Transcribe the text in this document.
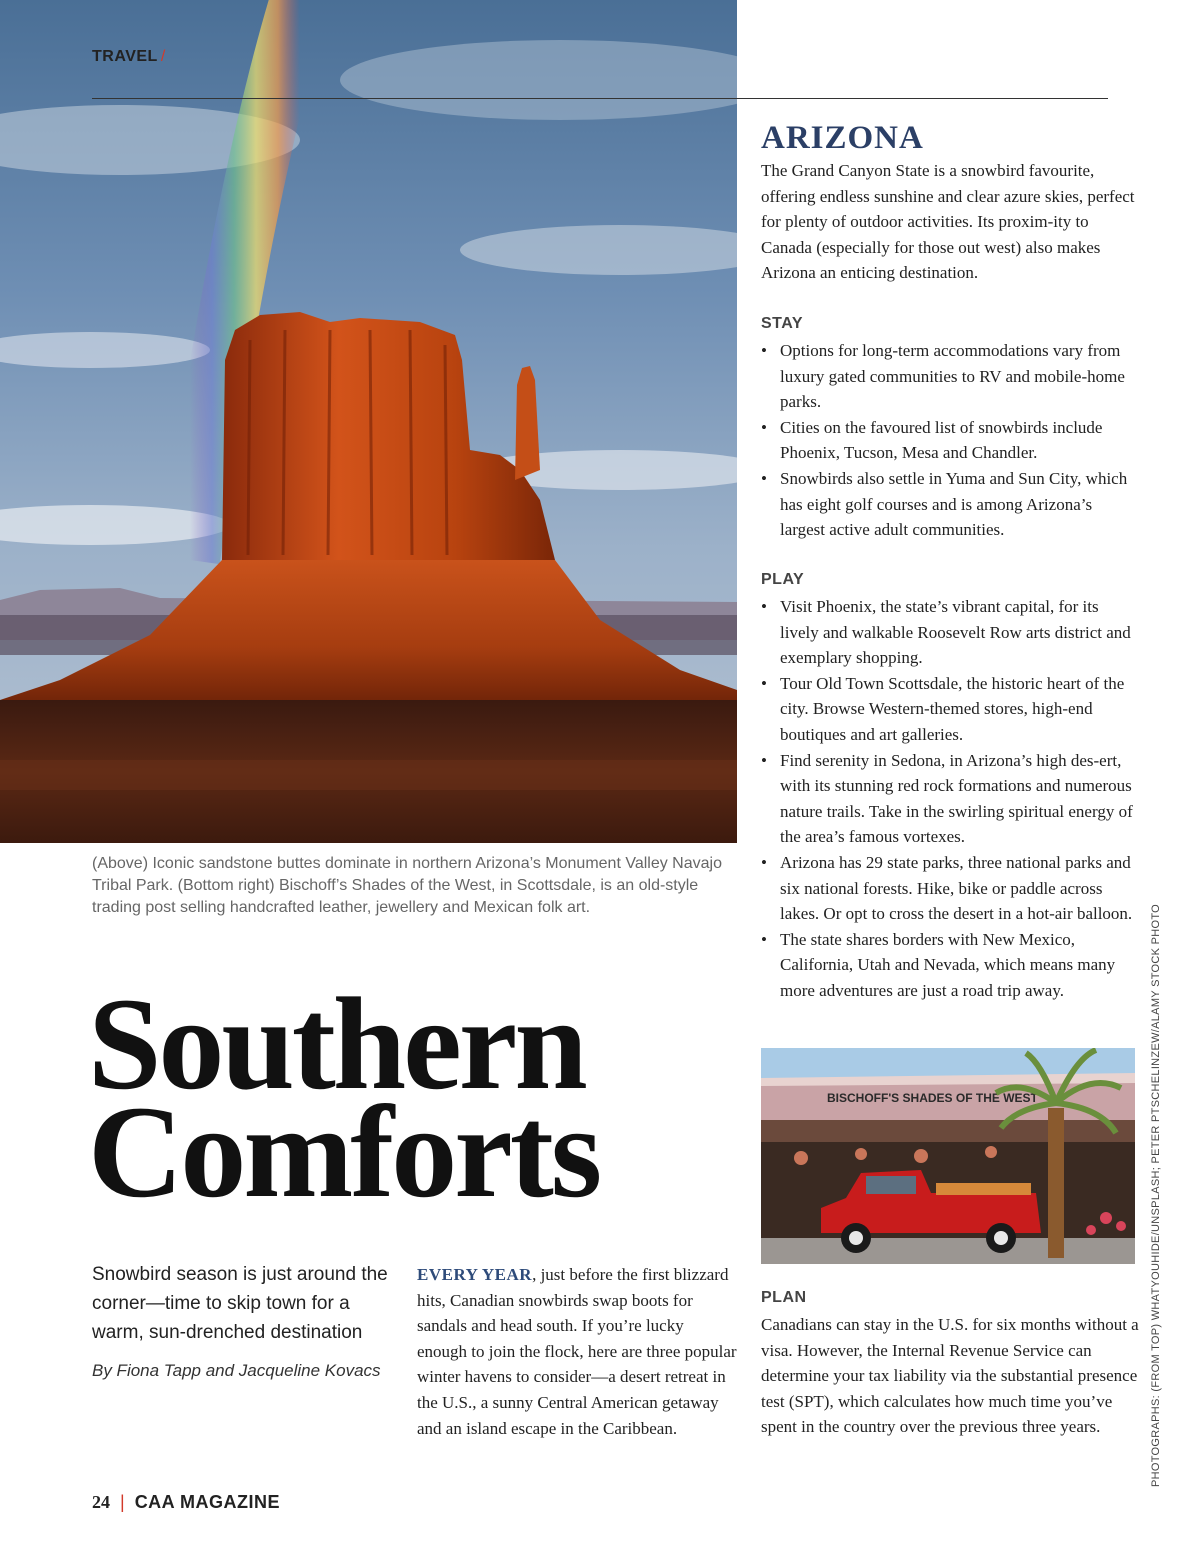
TRAVEL /
(Above) Iconic sandstone buttes dominate in northern Arizona’s Monument Valley Navajo Tribal Park. (Bottom right) Bischoff’s Shades of the West, in Scottsdale, is an old-style trading post selling handcrafted leather, jewellery and Mexican folk art.
Southern
Comforts
Snowbird season is just around the corner—time to skip town for a warm, sun-drenched destination
By Fiona Tapp and Jacqueline Kovacs
EVERY YEAR, just before the first blizzard hits, Canadian snowbirds swap boots for sandals and head south. If you’re lucky enough to join the flock, here are three popular winter havens to consider—a desert retreat in the U.S., a sunny Central American getaway and an island escape in the Caribbean.
ARIZONA

The Grand Canyon State is a snowbird favourite, offering endless sunshine and clear azure skies, perfect for plenty of outdoor activities. Its proxim-ity to Canada (especially for those out west) also makes Arizona an enticing destination.

STAY
• Options for long-term accommodations vary from luxury gated communities to RV and mobile-home parks.
• Cities on the favoured list of snowbirds include Phoenix, Tucson, Mesa and Chandler.
• Snowbirds also settle in Yuma and Sun City, which has eight golf courses and is among Arizona’s largest active adult communities.
PLAY
• Visit Phoenix, the state’s vibrant capital, for its lively and walkable Roosevelt Row arts district and exemplary shopping.
• Tour Old Town Scottsdale, the historic heart of the city. Browse Western-themed stores, high-end boutiques and art galleries.
• Find serenity in Sedona, in Arizona’s high des-ert, with its stunning red rock formations and numerous nature trails. Take in the swirling spiritual energy of the area’s famous vortexes.
• Arizona has 29 state parks, three national parks and six national forests. Hike, bike or paddle across lakes. Or opt to cross the desert in a hot-air balloon.
• The state shares borders with New Mexico, California, Utah and Nevada, which means many more adventures are just a road trip away.
BISCHOFF'S SHADES OF THE WEST
PLAN

Canadians can stay in the U.S. for six months without a visa. However, the Internal Revenue Service can determine your tax liability via the substantial presence test (SPT), which calculates how much time you’ve spent in the country over the previous three years.	PHOTOGRAPHS: (FROM TOP) WHATYOUHIDE/UNSPLASH; PETER PTSCHELINZEW/ALAMY STOCK PHOTO
24 | CAA MAGAZINE
